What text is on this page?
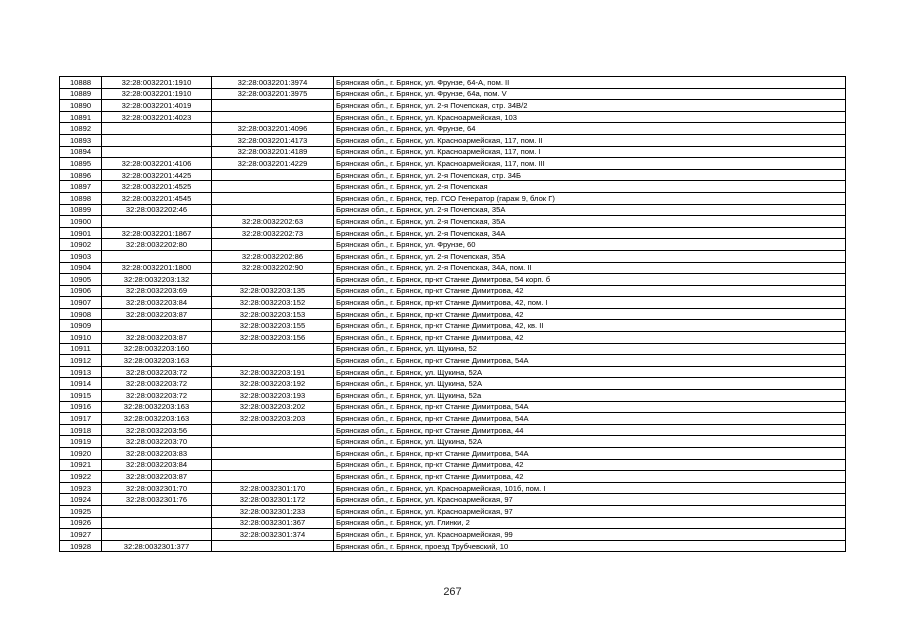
10888	32:28:0032201:1910	32:28:0032201:3974	Брянская обл., г. Брянск, ул. Фрунзе, 64-А, пом. II
10889	32:28:0032201:1910	32:28:0032201:3975	Брянская обл., г. Брянск, ул. Фрунзе, 64а, пом. V
10890	32:28:0032201:4019		Брянская обл., г. Брянск, ул. 2-я Почепская, стр. 34В/2
10891	32:28:0032201:4023		Брянская обл., г. Брянск, ул. Красноармейская, 103
10892		32:28:0032201:4096	Брянская обл., г. Брянск, ул. Фрунзе, 64
10893		32:28:0032201:4173	Брянская обл., г. Брянск, ул. Красноармейская, 117, пом. II
10894		32:28:0032201:4189	Брянская обл., г. Брянск, ул. Красноармейская, 117, пом. I
10895	32:28:0032201:4106	32:28:0032201:4229	Брянская обл., г. Брянск, ул. Красноармейская, 117, пом. III
10896	32:28:0032201:4425		Брянская обл., г. Брянск, ул. 2-я Почепская, стр. 34Б
10897	32:28:0032201:4525		Брянская обл., г. Брянск, ул. 2-я Почепская
10898	32:28:0032201:4545		Брянская обл., г. Брянск, тер. ГСО Генератор (гараж 9, блок Г)
10899	32:28:0032202:46		Брянская обл., г. Брянск, ул. 2-я Почепская, 35А
10900		32:28:0032202:63	Брянская обл., г. Брянск, ул. 2-я Почепская, 35А
10901	32:28:0032201:1867	32:28:0032202:73	Брянская обл., г. Брянск, ул. 2-я Почепская, 34А
10902	32:28:0032202:80		Брянская обл., г. Брянск, ул. Фрунзе, 60
10903		32:28:0032202:86	Брянская обл., г. Брянск, ул. 2-я Почепская, 35А
10904	32:28:0032201:1800	32:28:0032202:90	Брянская обл., г. Брянск, ул. 2-я Почепская, 34А, пом. II
10905	32:28:0032203:132		Брянская обл., г. Брянск, пр-кт Станке Димитрова, 54 корп. б
10906	32:28:0032203:69	32:28:0032203:135	Брянская обл., г. Брянск, пр-кт Станке Димитрова, 42
10907	32:28:0032203:84	32:28:0032203:152	Брянская обл., г. Брянск, пр-кт Станке Димитрова, 42, пом. I
10908	32:28:0032203:87	32:28:0032203:153	Брянская обл., г. Брянск, пр-кт Станке Димитрова, 42
10909		32:28:0032203:155	Брянская обл., г. Брянск, пр-кт Станке Димитрова, 42, кв. II
10910	32:28:0032203:87	32:28:0032203:156	Брянская обл., г. Брянск, пр-кт Станке Димитрова, 42
10911	32:28:0032203:160		Брянская обл., г. Брянск, ул. Щукина, 52
10912	32:28:0032203:163		Брянская обл., г. Брянск, пр-кт Станке Димитрова, 54А
10913	32:28:0032203:72	32:28:0032203:191	Брянская обл., г. Брянск, ул. Щукина, 52А
10914	32:28:0032203:72	32:28:0032203:192	Брянская обл., г. Брянск, ул. Щукина, 52А
10915	32:28:0032203:72	32:28:0032203:193	Брянская обл., г. Брянск, ул. Щукина, 52а
10916	32:28:0032203:163	32:28:0032203:202	Брянская обл., г. Брянск, пр-кт Станке Димитрова, 54А
10917	32:28:0032203:163	32:28:0032203:203	Брянская обл., г. Брянск, пр-кт Станке Димитрова, 54А
10918	32:28:0032203:56		Брянская обл., г. Брянск, пр-кт Станке Димитрова, 44
10919	32:28:0032203:70		Брянская обл., г. Брянск, ул. Щукина, 52А
10920	32:28:0032203:83		Брянская обл., г. Брянск, пр-кт Станке Димитрова, 54А
10921	32:28:0032203:84		Брянская обл., г. Брянск, пр-кт Станке Димитрова, 42
10922	32:28:0032203:87		Брянская обл., г. Брянск, пр-кт Станке Димитрова, 42
10923	32:28:0032301:70	32:28:0032301:170	Брянская обл., г. Брянск, ул. Красноармейская, 101б, пом. I
10924	32:28:0032301:76	32:28:0032301:172	Брянская обл., г. Брянск, ул. Красноармейская, 97
10925		32:28:0032301:233	Брянская обл., г. Брянск, ул. Красноармейская, 97
10926		32:28:0032301:367	Брянская обл., г. Брянск, ул. Глинки, 2
10927		32:28:0032301:374	Брянская обл., г. Брянск, ул. Красноармейская, 99
10928	32:28:0032301:377		Брянская обл., г. Брянск, проезд Трубчевский, 10
267
